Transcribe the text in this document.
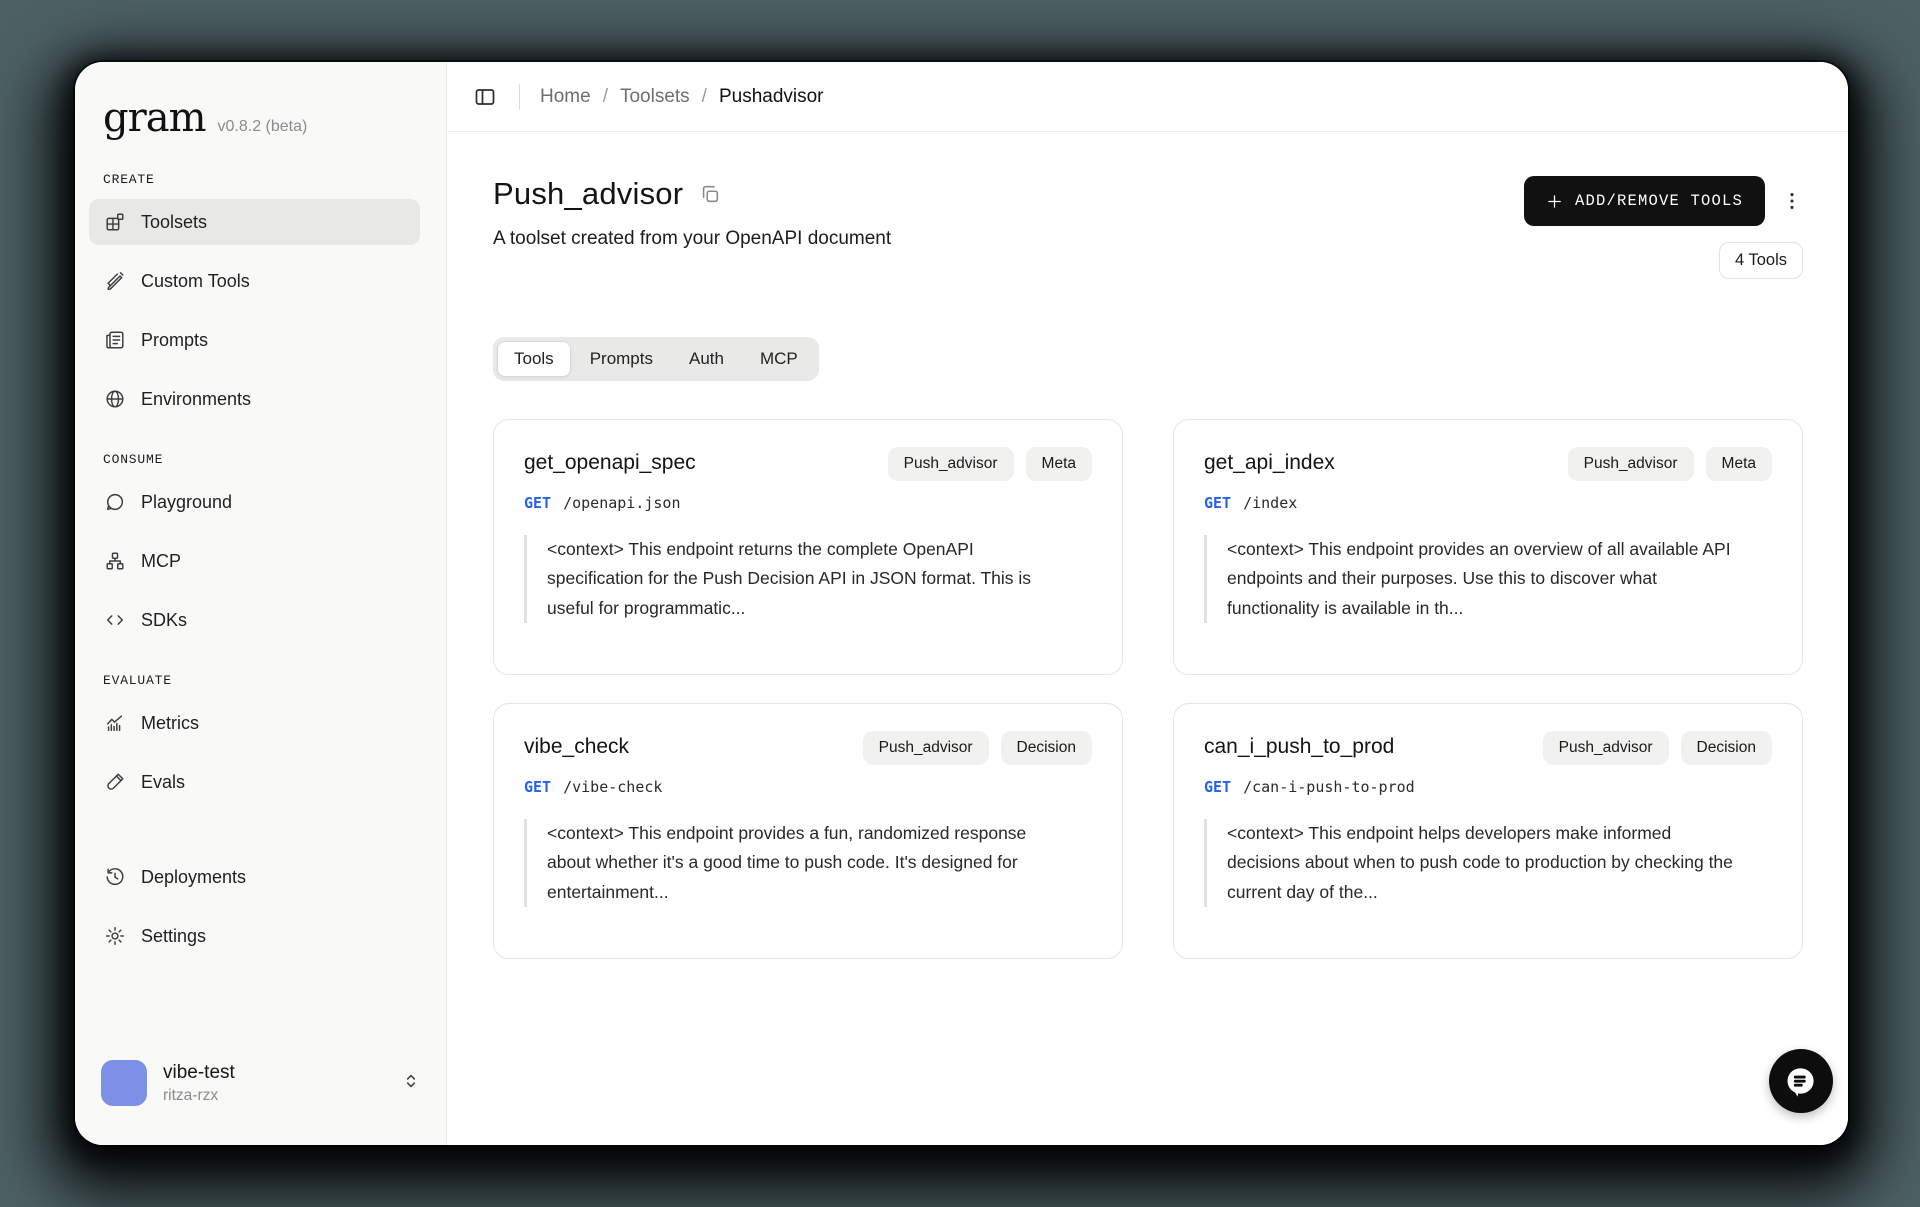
gram v0.8.2 (beta)
CREATE
Toolsets
Custom Tools
Prompts
Environments
CONSUME
Playground
MCP
SDKs
EVALUATE
Metrics
Evals
Deployments
Settings
vibe-test
ritza-rzx
Home / Toolsets / Pushadvisor
Push_advisor

A toolset created from your OpenAPI document

ADD/REMOVE TOOLS
4 Tools
Tools	Prompts	Auth	MCP
get_openapi_spec	Push_advisor	Meta
GET /openapi.json
<context> This endpoint returns the complete OpenAPI specification for the Push Decision API in JSON format. This is useful for programmatic...
get_api_index	Push_advisor	Meta
GET /index
<context> This endpoint provides an overview of all available API endpoints and their purposes. Use this to discover what functionality is available in th...
vibe_check	Push_advisor	Decision
GET /vibe-check
<context> This endpoint provides a fun, randomized response about whether it's a good time to push code. It's designed for entertainment...
can_i_push_to_prod	Push_advisor	Decision
GET /can-i-push-to-prod
<context> This endpoint helps developers make informed decisions about when to push code to production by checking the current day of the...
